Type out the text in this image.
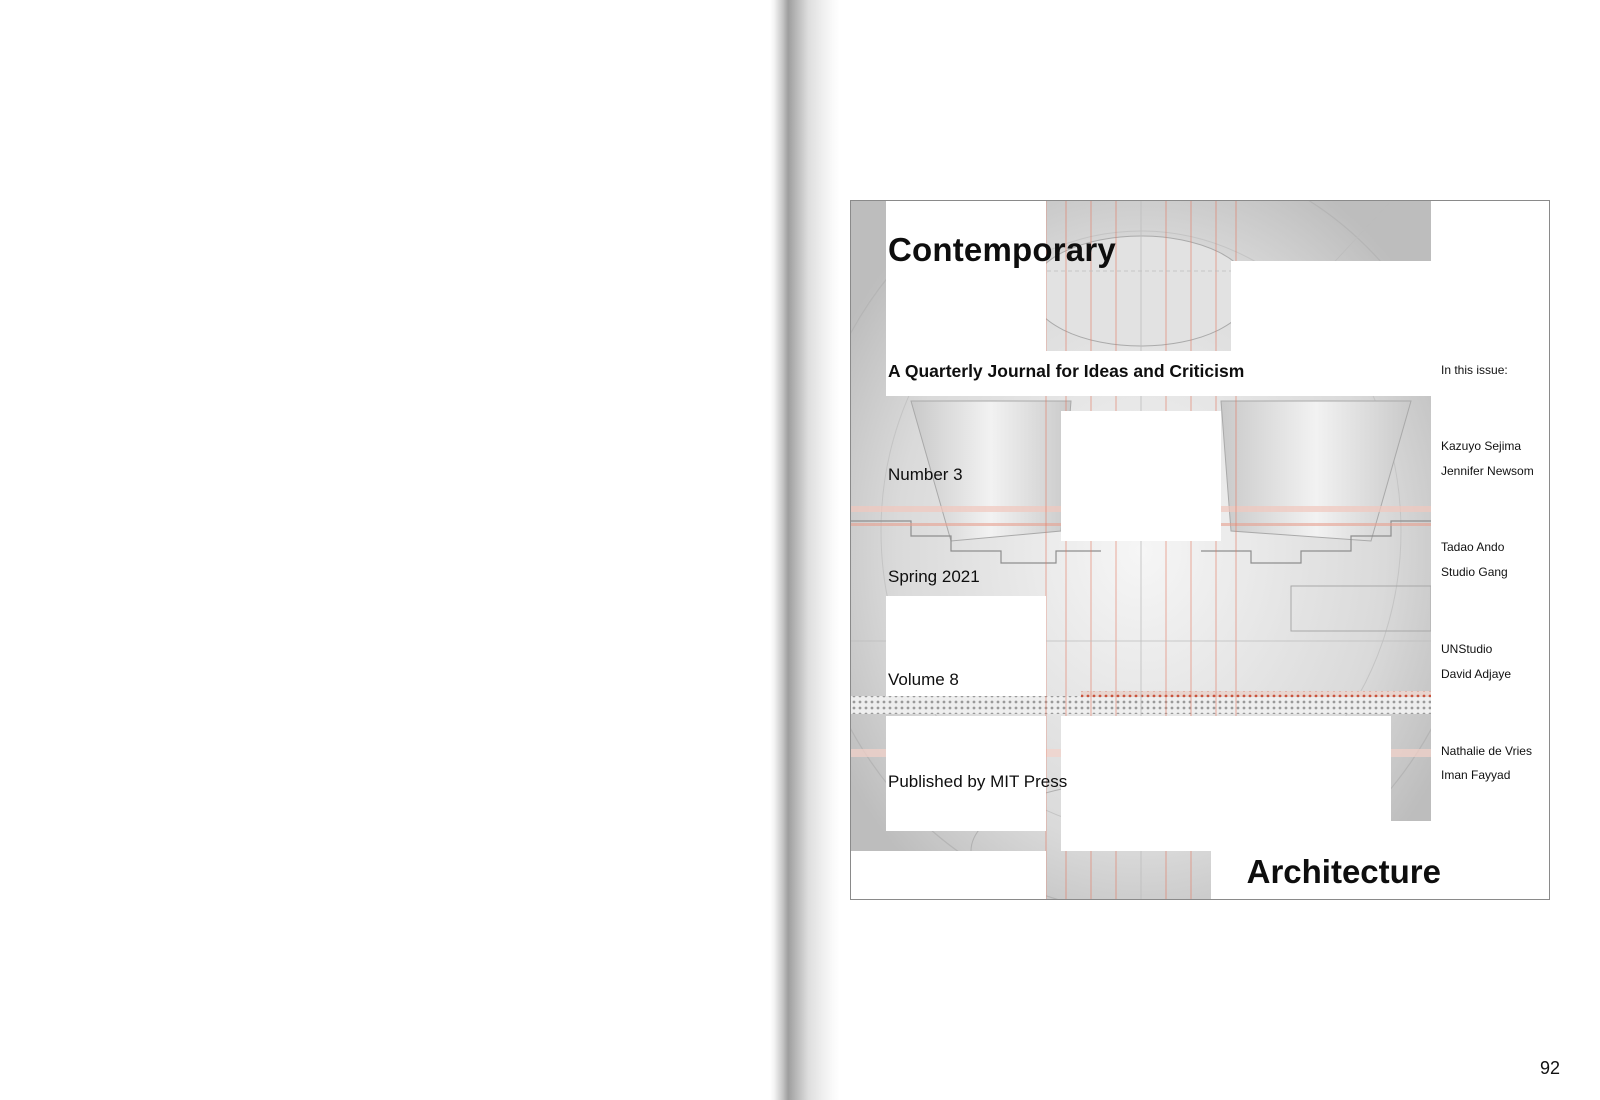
Contemporary
A Quarterly Journal for Ideas and Criticism
Number 3
Spring 2021
Volume 8
Published by MIT Press
Architecture
In this issue:
Kazuyo Sejima
Jennifer Newsom
Tadao Ando
Studio Gang
UNStudio
David Adjaye
Nathalie de Vries
Iman Fayyad
92
